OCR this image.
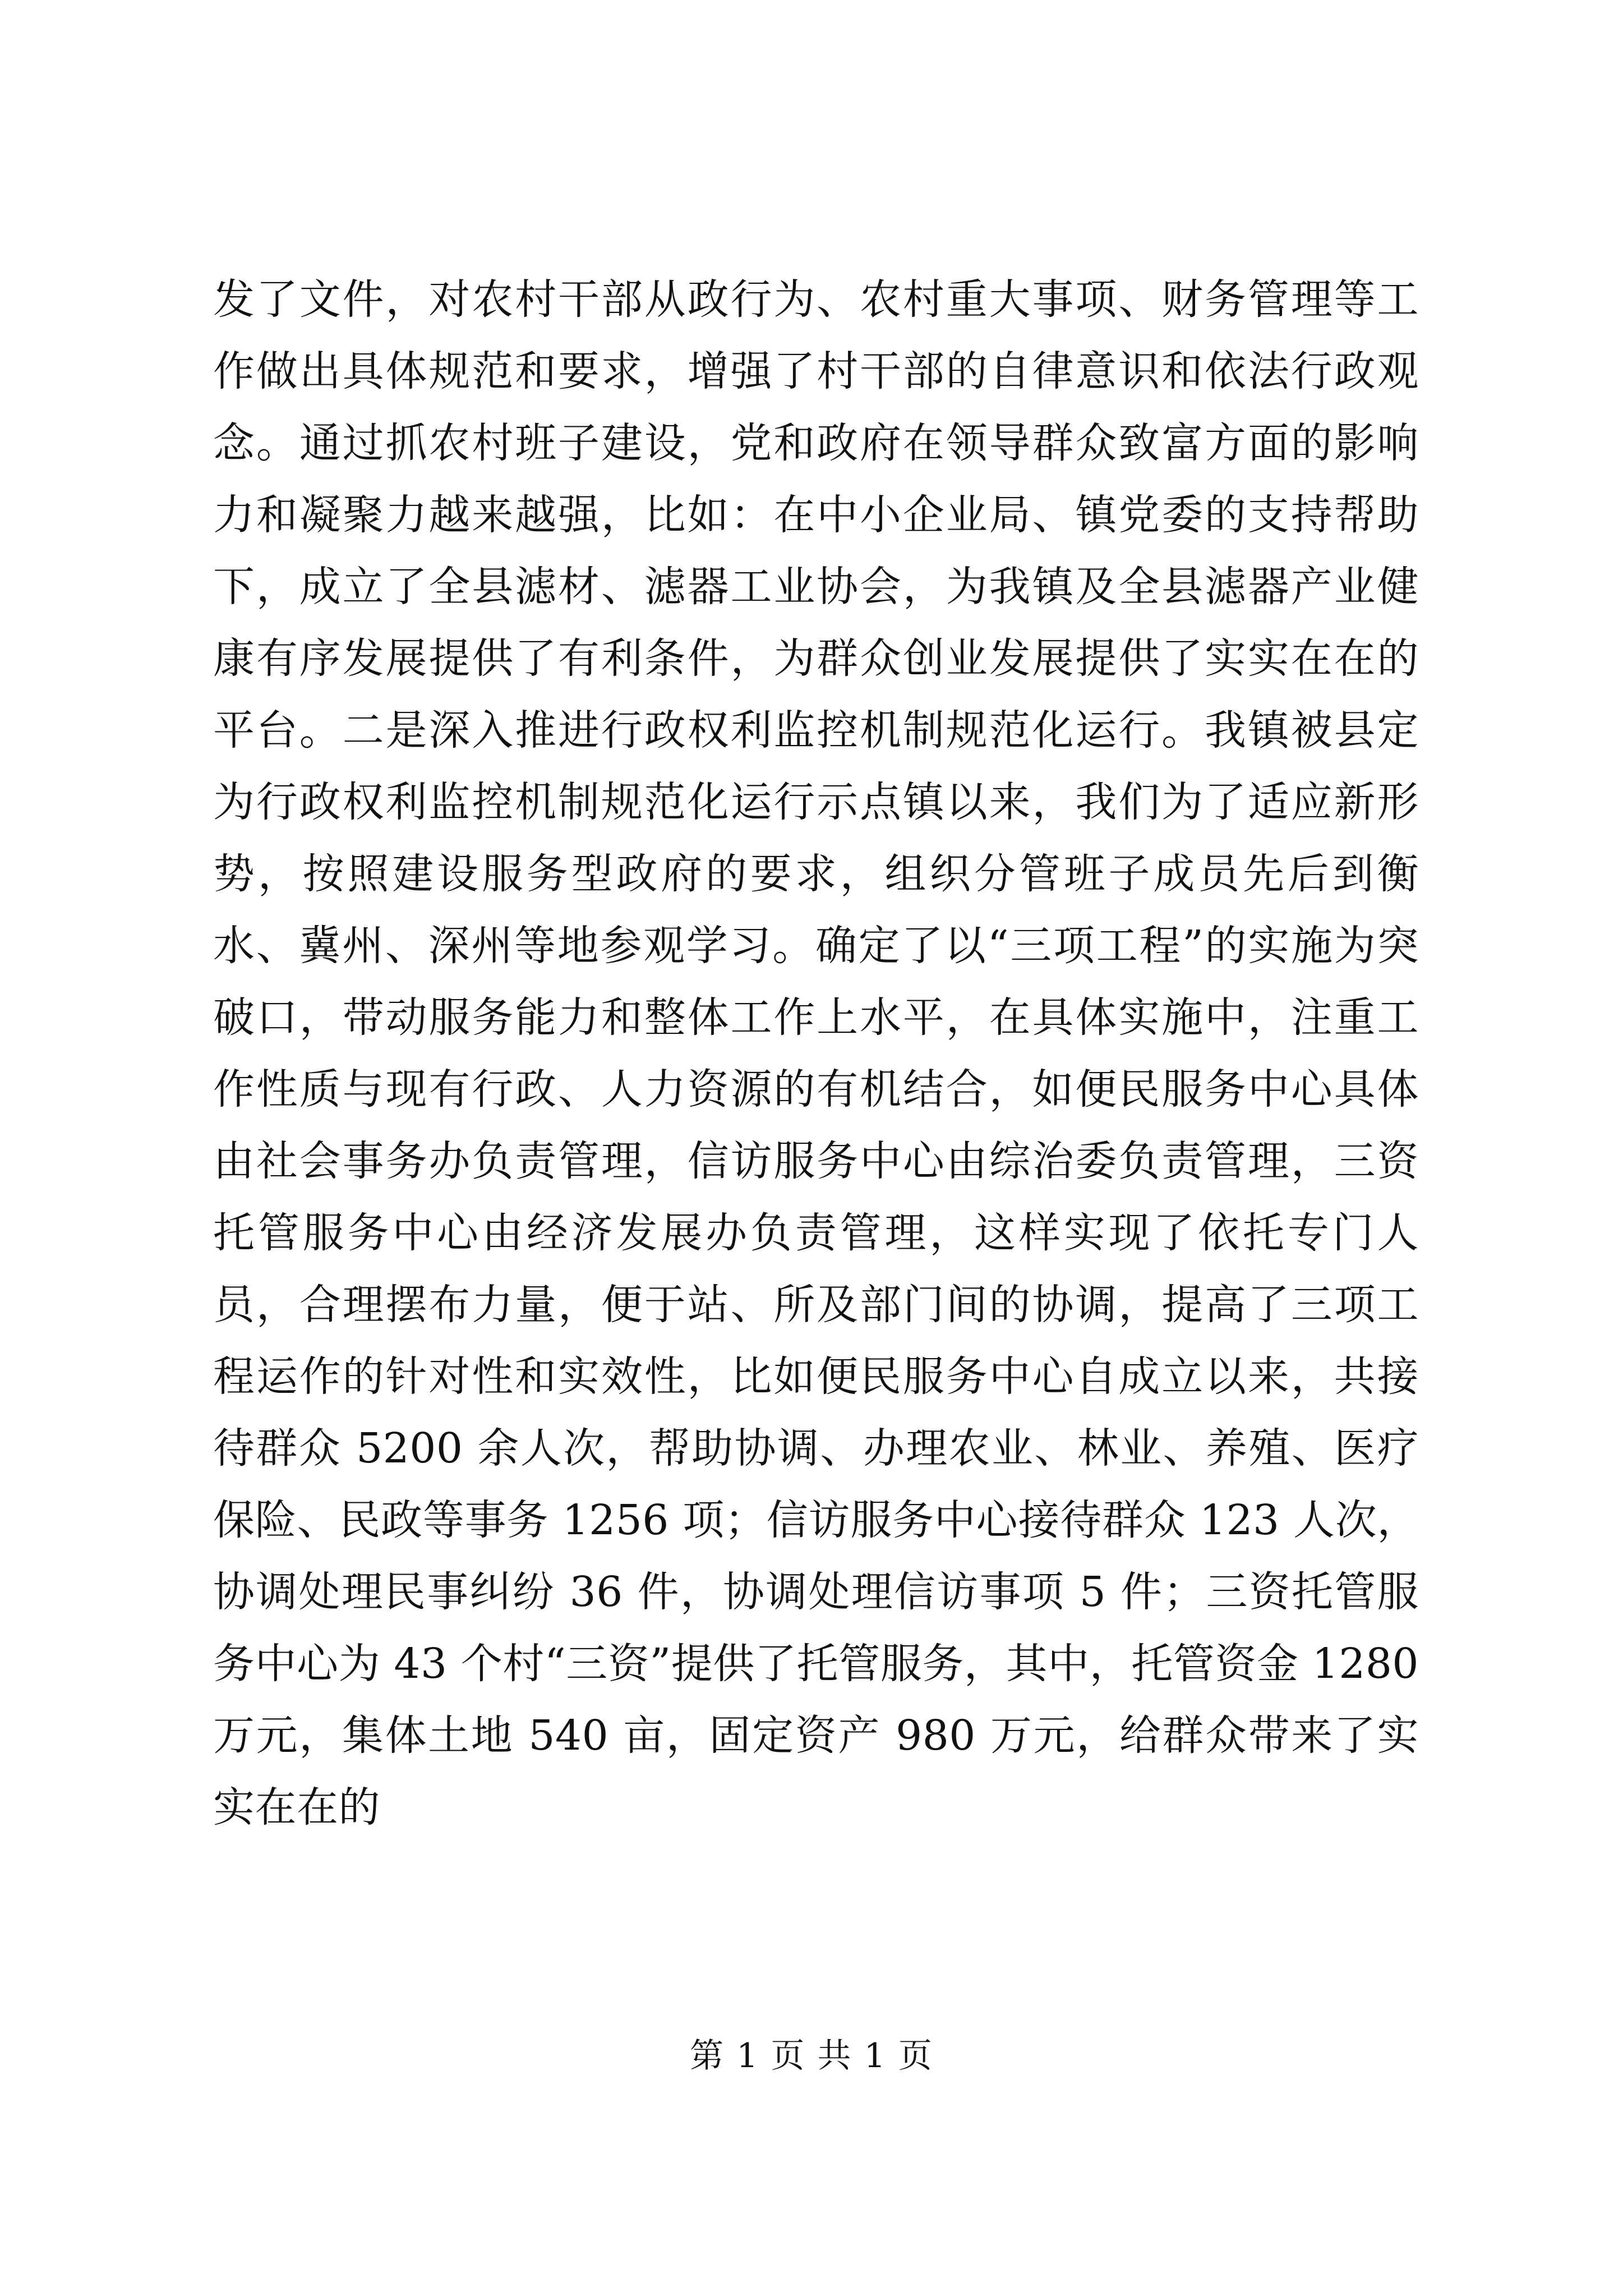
发了文件，对农村干部从政行为、农村重大事项、财务管理等工作做出具体规范和要求，增强了村干部的自律意识和依法行政观念。通过抓农村班子建设，党和政府在领导群众致富方面的影响力和凝聚力越来越强，比如：在中小企业局、镇党委的支持帮助下，成立了全县滤材、滤器工业协会，为我镇及全县滤器产业健康有序发展提供了有利条件，为群众创业发展提供了实实在在的平台。二是深入推进行政权利监控机制规范化运行。我镇被县定为行政权利监控机制规范化运行示点镇以来，我们为了适应新形势，按照建设服务型政府的要求，组织分管班子成员先后到衡水、冀州、深州等地参观学习。确定了以“三项工程”的实施为突破口，带动服务能力和整体工作上水平，在具体实施中，注重工作性质与现有行政、人力资源的有机结合，如便民服务中心具体由社会事务办负责管理，信访服务中心由综治委负责管理，三资托管服务中心由经济发展办负责管理，这样实现了依托专门人员，合理摆布力量，便于站、所及部门间的协调，提高了三项工程运作的针对性和实效性，比如便民服务中心自成立以来，共接待群众 5200 余人次，帮助协调、办理农业、林业、养殖、医疗保险、民政等事务 1256 项；信访服务中心接待群众 123 人次，协调处理民事纠纷 36 件，协调处理信访事项 5 件；三资托管服务中心为 43 个村“三资”提供了托管服务，其中，托管资金 1280 万元，集体土地 540 亩，固定资产 980 万元，给群众带来了实实在在的
第 1 页 共 1 页
